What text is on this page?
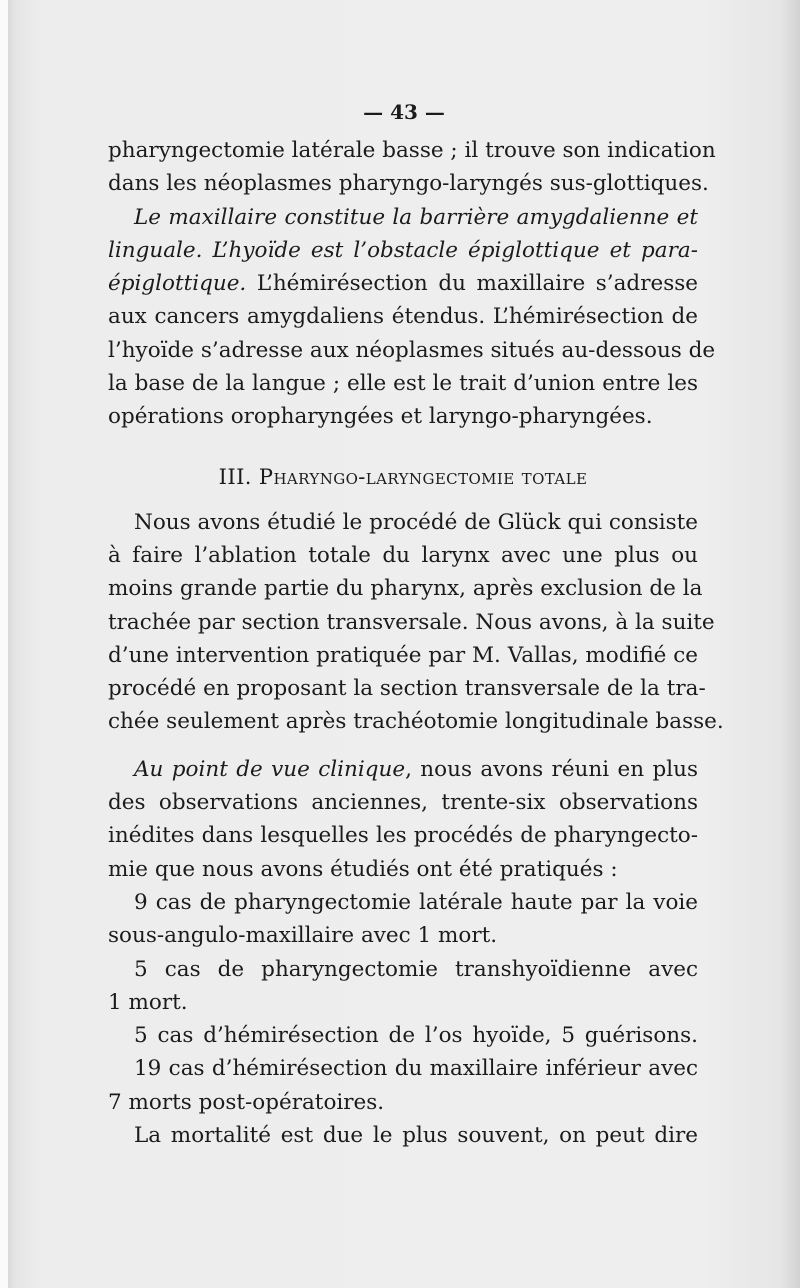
— 43 —
pharyngectomie latérale basse ; il trouve son indication
dans les néoplasmes pharyngo-laryngés sus-glottiques.
Le maxillaire constitue la barrière amygdalienne et
linguale. L’hyoïde est l’obstacle épiglottique et para-
épiglottique. L’hémirésection du maxillaire s’adresse
aux cancers amygdaliens étendus. L’hémirésection de
l’hyoïde s’adresse aux néoplasmes situés au-dessous de
la base de la langue ; elle est le trait d’union entre les
opérations oropharyngées et laryngo-pharyngées.
III. Pharyngo-laryngectomie totale
Nous avons étudié le procédé de Glück qui consiste
à faire l’ablation totale du larynx avec une plus ou
moins grande partie du pharynx, après exclusion de la
trachée par section transversale. Nous avons, à la suite
d’une intervention pratiquée par M. Vallas, modifié ce
procédé en proposant la section transversale de la tra-
chée seulement après trachéotomie longitudinale basse.
Au point de vue clinique, nous avons réuni en plus
des observations anciennes, trente-six observations
inédites dans lesquelles les procédés de pharyngecto-
mie que nous avons étudiés ont été pratiqués :
9 cas de pharyngectomie latérale haute par la voie
sous-angulo-maxillaire avec 1 mort.
5 cas de pharyngectomie transhyoïdienne avec
1 mort.
5 cas d’hémirésection de l’os hyoïde, 5 guérisons.
19 cas d’hémirésection du maxillaire inférieur avec
7 morts post-opératoires.
La mortalité est due le plus souvent, on peut dire
